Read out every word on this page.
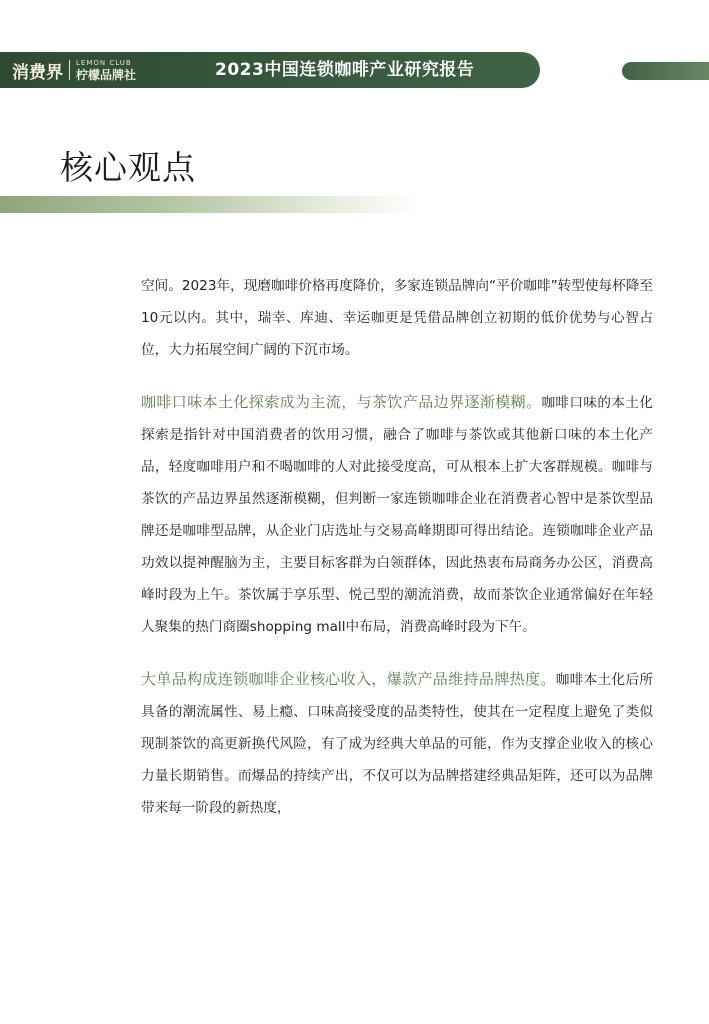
消费界 LEMON CLUB
柠檬品牌社	2023中国连锁咖啡产业研究报告
核心观点

空间。2023年，现磨咖啡价格再度降价，多家连锁品牌向“平价咖啡”转型使每杯降至10元以内。其中，瑞幸、库迪、幸运咖更是凭借品牌创立初期的低价优势与心智占位，大力拓展空间广阔的下沉市场。

咖啡口味本土化探索成为主流，与茶饮产品边界逐渐模糊。咖啡口味的本土化探索是指针对中国消费者的饮用习惯，融合了咖啡与茶饮或其他新口味的本土化产品，轻度咖啡用户和不喝咖啡的人对此接受度高，可从根本上扩大客群规模。咖啡与茶饮的产品边界虽然逐渐模糊，但判断一家连锁咖啡企业在消费者心智中是茶饮型品牌还是咖啡型品牌，从企业门店选址与交易高峰期即可得出结论。连锁咖啡企业产品功效以提神醒脑为主，主要目标客群为白领群体，因此热衷布局商务办公区，消费高峰时段为上午。茶饮属于享乐型、悦己型的潮流消费，故而茶饮企业通常偏好在年轻人聚集的热门商圈shopping mall中布局，消费高峰时段为下午。

大单品构成连锁咖啡企业核心收入，爆款产品维持品牌热度。咖啡本土化后所具备的潮流属性、易上瘾、口味高接受度的品类特性，使其在一定程度上避免了类似现制茶饮的高更新换代风险，有了成为经典大单品的可能，作为支撑企业收入的核心力量长期销售。而爆品的持续产出，不仅可以为品牌搭建经典品矩阵，还可以为品牌带来每一阶段的新热度，
